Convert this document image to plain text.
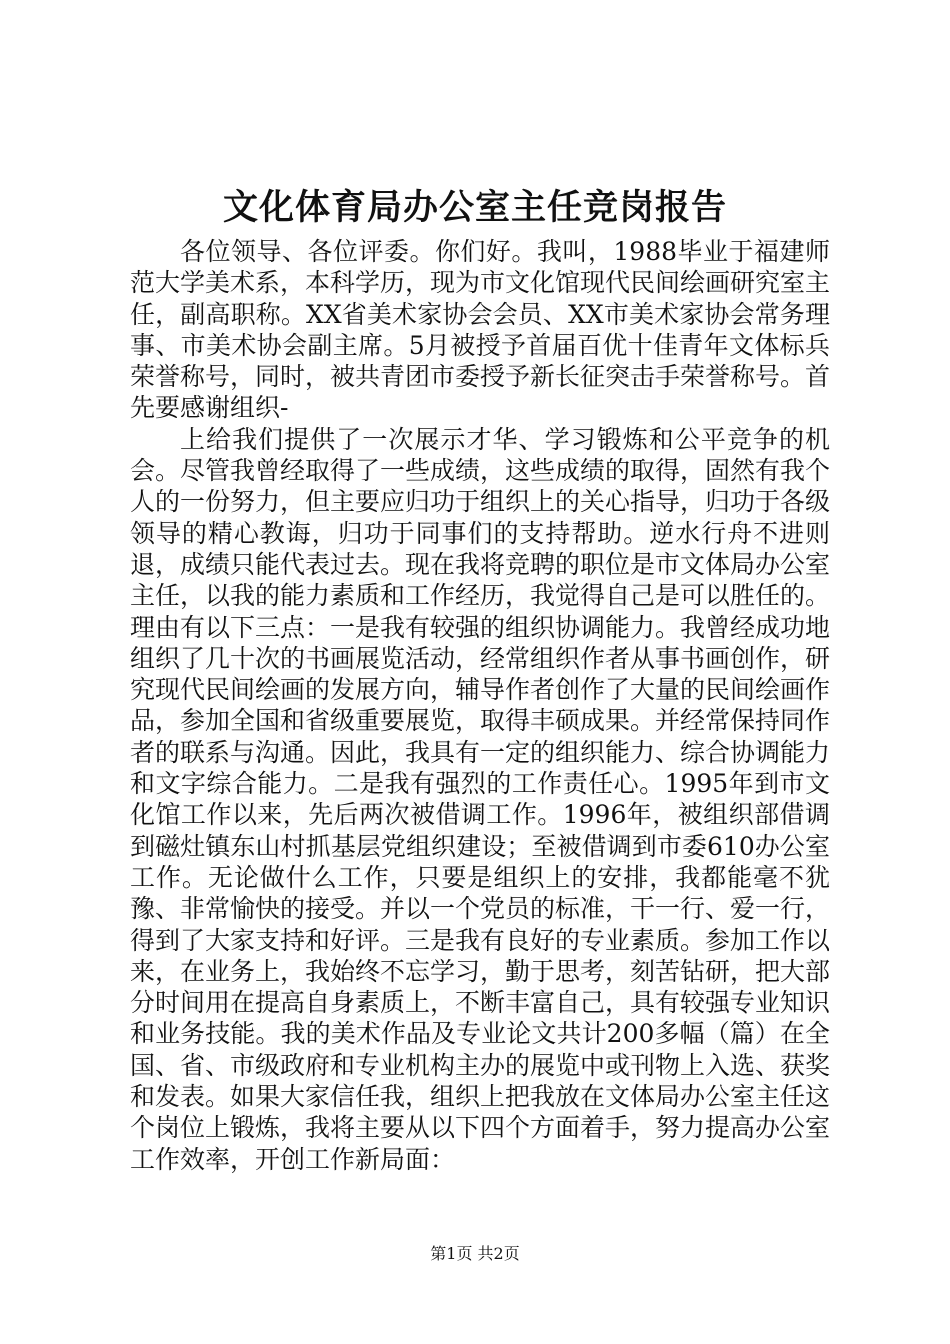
文化体育局办公室主任竞岗报告

各位领导、各位评委。你们好。我叫，1988毕业于福建师范大学美术系，本科学历，现为市文化馆现代民间绘画研究室主任，副高职称。XX省美术家协会会员、XX市美术家协会常务理事、市美术协会副主席。5月被授予首届百优十佳青年文体标兵荣誉称号，同时，被共青团市委授予新长征突击手荣誉称号。首先要感谢组织-

上给我们提供了一次展示才华、学习锻炼和公平竞争的机会。尽管我曾经取得了一些成绩，这些成绩的取得，固然有我个人的一份努力，但主要应归功于组织上的关心指导，归功于各级领导的精心教诲，归功于同事们的支持帮助。逆水行舟不进则退，成绩只能代表过去。现在我将竞聘的职位是市文体局办公室主任，以我的能力素质和工作经历，我觉得自己是可以胜任的。理由有以下三点：一是我有较强的组织协调能力。我曾经成功地组织了几十次的书画展览活动，经常组织作者从事书画创作，研究现代民间绘画的发展方向，辅导作者创作了大量的民间绘画作品，参加全国和省级重要展览，取得丰硕成果。并经常保持同作者的联系与沟通。因此，我具有一定的组织能力、综合协调能力和文字综合能力。二是我有强烈的工作责任心。1995年到市文化馆工作以来，先后两次被借调工作。1996年，被组织部借调到磁灶镇东山村抓基层党组织建设；至被借调到市委610办公室工作。无论做什么工作，只要是组织上的安排，我都能毫不犹豫、非常愉快的接受。并以一个党员的标准，干一行、爱一行，得到了大家支持和好评。三是我有良好的专业素质。参加工作以来，在业务上，我始终不忘学习，勤于思考，刻苦钻研，把大部分时间用在提高自身素质上，不断丰富自己，具有较强专业知识和业务技能。我的美术作品及专业论文共计200多幅（篇）在全国、省、市级政府和专业机构主办的展览中或刊物上入选、获奖和发表。如果大家信任我，组织上把我放在文体局办公室主任这个岗位上锻炼，我将主要从以下四个方面着手，努力提高办公室工作效率，开创工作新局面：

第1页 共2页
